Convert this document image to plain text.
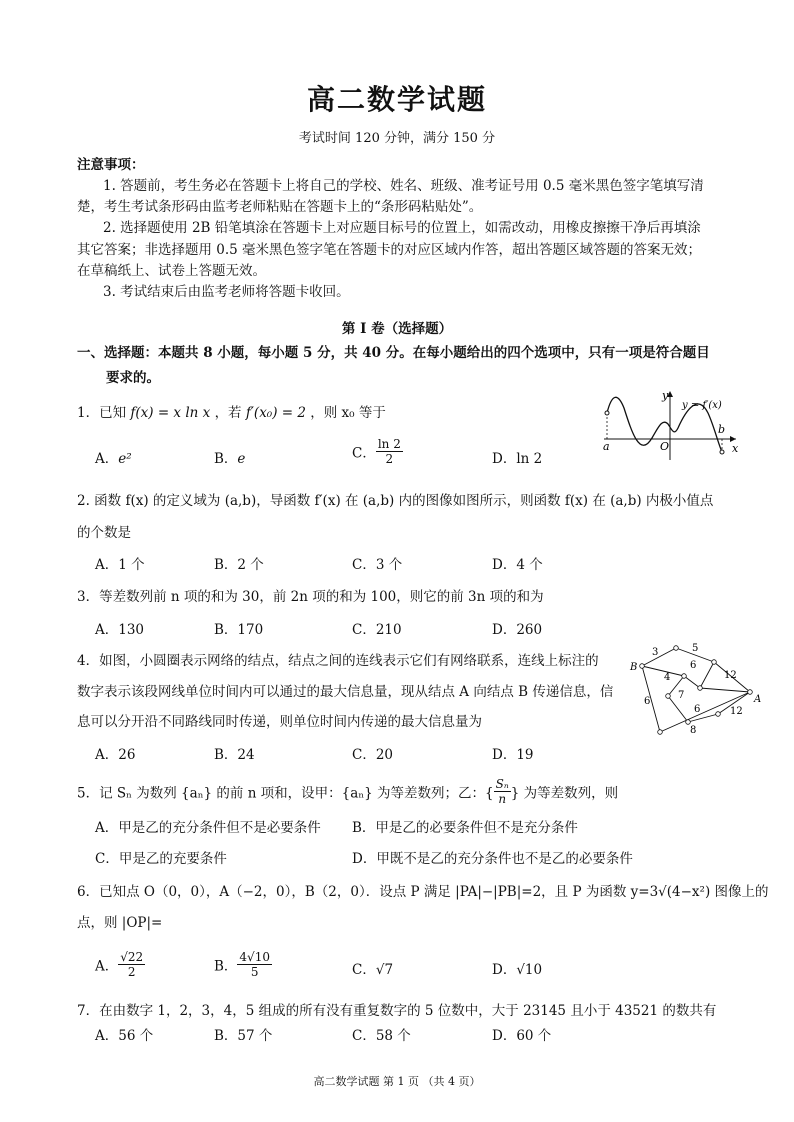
高二数学试题
考试时间 120 分钟，满分 150 分
注意事项：
1. 答题前，考生务必在答题卡上将自己的学校、姓名、班级、准考证号用 0.5 毫米黑色签字笔填写清
楚，考生考试条形码由监考老师粘贴在答题卡上的“条形码粘贴处”。
2. 选择题使用 2B 铅笔填涂在答题卡上对应题目标号的位置上，如需改动，用橡皮擦擦干净后再填涂
其它答案；非选择题用 0.5 毫米黑色签字笔在答题卡的对应区域内作答，超出答题区域答题的答案无效；
在草稿纸上、试卷上答题无效。
3. 考试结束后由监考老师将答题卡收回。
第 I 卷（选择题）
一、选择题：本题共 8 小题，每小题 5 分，共 40 分。在每小题给出的四个选项中，只有一项是符合题目
要求的。
1．已知 f(x) = x ln x ，若 f′(x₀) = 2 ，则 x₀ 等于
A．e²	B．e	C． $\frac{\ln 2}{2}$	D．ln 2
y
x
y = f′(x)
a
b
O
2. 函数 f(x) 的定义域为 (a,b)，导函数 f′(x) 在 (a,b) 内的图像如图所示，则函数 f(x) 在 (a,b) 内极小值点
的个数是
A．1 个	B．2 个	C．3 个	D．4 个
3．等差数列前 n 项的和为 30，前 2n 项的和为 100，则它的前 3n 项的和为
A．130	B．170	C．210	D．260
4．如图，小圆圈表示网络的结点，结点之间的连线表示它们有网络联系，连线上标注的
数字表示该段网线单位时间内可以通过的最大信息量，现从结点 A 向结点 B 传递信息，信
息可以分开沿不同路线同时传递，则单位时间内传递的最大信息量为
A．26	B．24	C．20	D．19
B
A
3	5
4
6
12
7
6
6
12
8
5．记 Sₙ 为数列 {aₙ} 的前 n 项和，设甲：{aₙ} 为等差数列；乙：{ $\frac{\text{Sₙ}}{n}$ } 为等差数列，则
A．甲是乙的充分条件但不是必要条件 B．甲是乙的必要条件但不是充分条件
C．甲是乙的充要条件	D．甲既不是乙的充分条件也不是乙的必要条件
6．已知点 O（0，0），A（−2，0），B（2，0）．设点 P 满足 |PA|−|PB|=2，且 P 为函数 y=3√(4−x²) 图像上的
点，则 |OP|=
A． $\frac{√22}{2}$	B． $\frac{4√10}{5}$	C．√7	D．√10
7．在由数字 1，2，3，4，5 组成的所有没有重复数字的 5 位数中，大于 23145 且小于 43521 的数共有
A．56 个	B．57 个	C．58 个	D．60 个
高二数学试题 第 1 页 （共 4 页）
